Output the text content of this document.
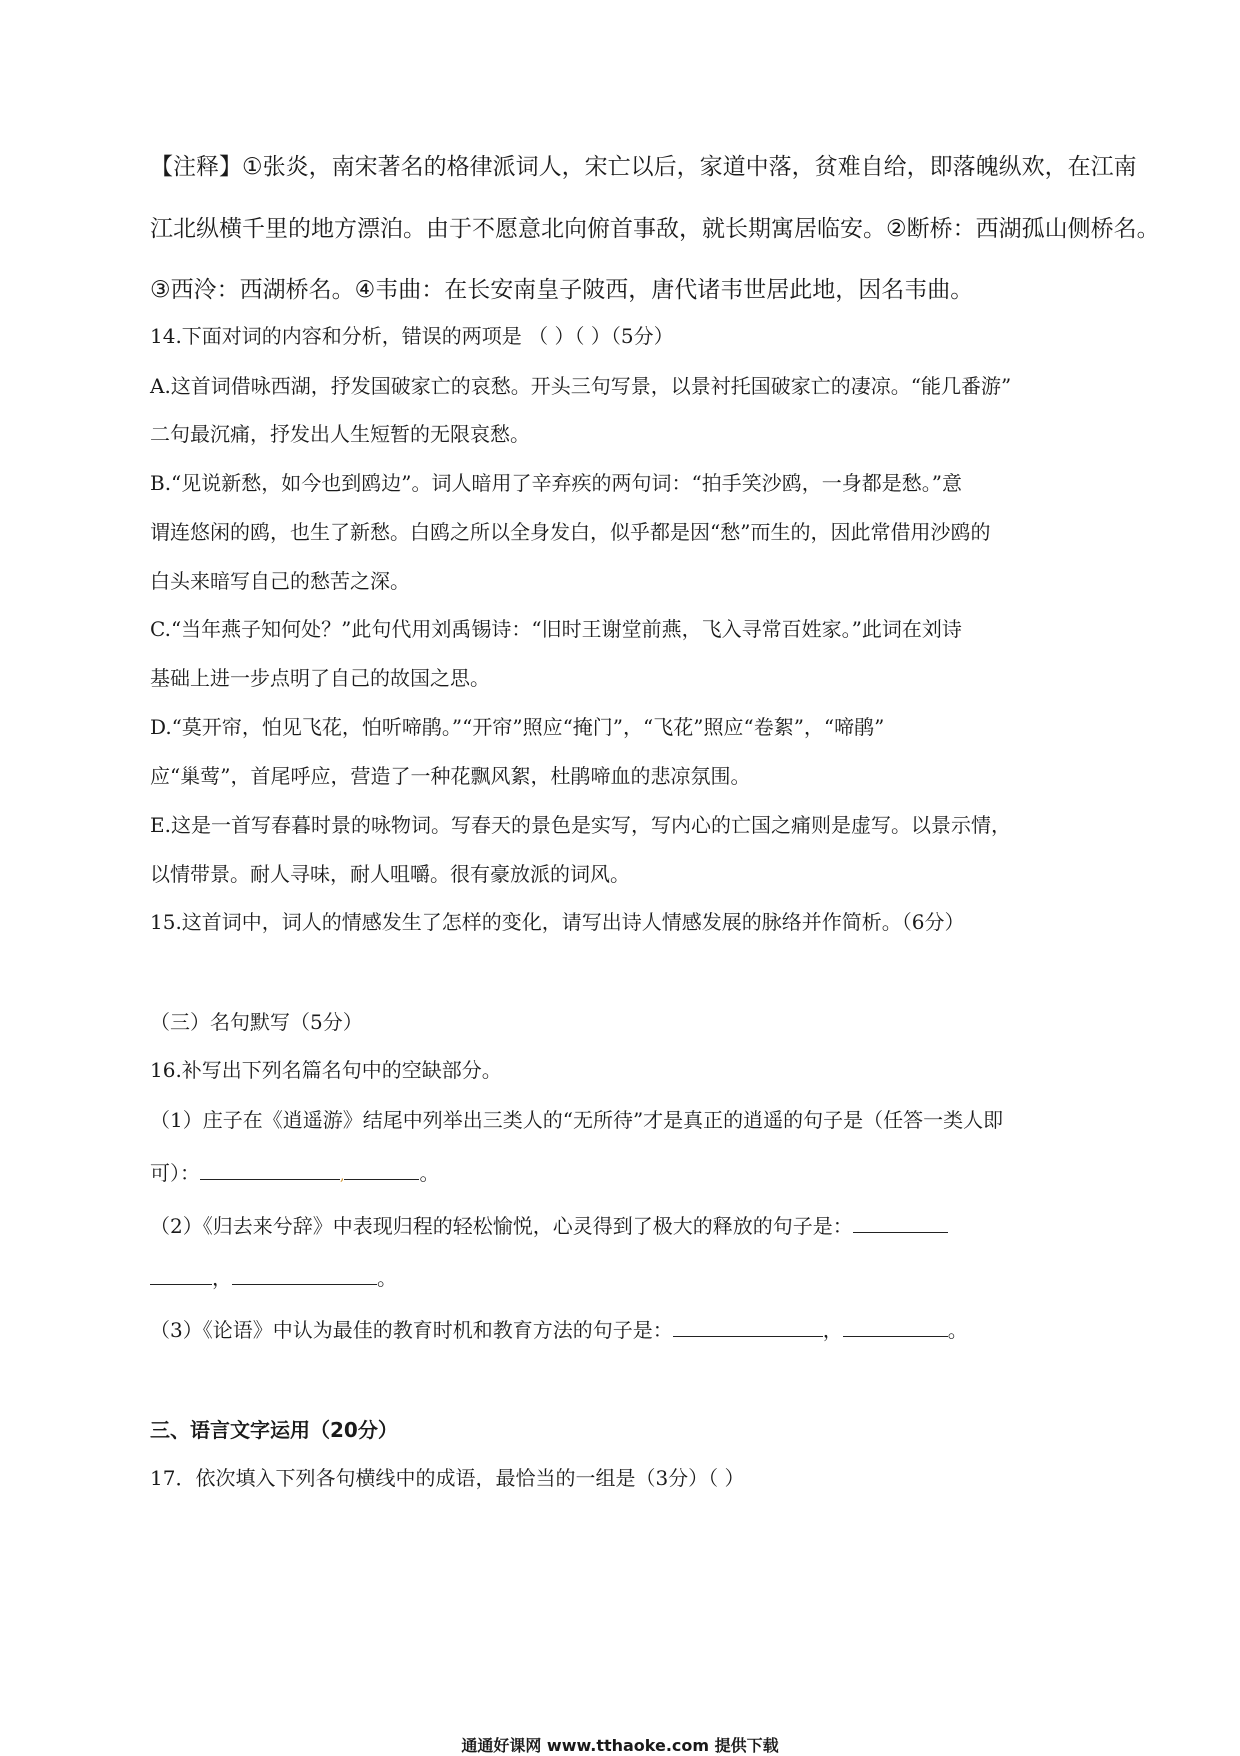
【注释】①张炎，南宋著名的格律派词人，宋亡以后，家道中落，贫难自给，即落魄纵欢，在江南
江北纵横千里的地方漂泊。由于不愿意北向俯首事敌，就长期寓居临安。②断桥：西湖孤山侧桥名。
③西泠：西湖桥名。④韦曲：在长安南皇子陂西，唐代诸韦世居此地，因名韦曲。
14.下面对词的内容和分析，错误的两项是 （ ）（ ）（5分）
A.这首词借咏西湖，抒发国破家亡的哀愁。开头三句写景，以景衬托国破家亡的凄凉。“能几番游”
二句最沉痛，抒发出人生短暂的无限哀愁。
B.“见说新愁，如今也到鸥边”。词人暗用了辛弃疾的两句词：“拍手笑沙鸥，一身都是愁。”意
谓连悠闲的鸥，也生了新愁。白鸥之所以全身发白，似乎都是因“愁”而生的，因此常借用沙鸥的
白头来暗写自己的愁苦之深。
C.“当年燕子知何处？”此句代用刘禹锡诗：“旧时王谢堂前燕，飞入寻常百姓家。”此词在刘诗
基础上进一步点明了自己的故国之思。
D.“莫开帘，怕见飞花，怕听啼鹃。”“开帘”照应“掩门”，“飞花”照应“卷絮”，“啼鹃”
应“巢莺”，首尾呼应，营造了一种花飘风絮，杜鹃啼血的悲凉氛围。
E.这是一首写春暮时景的咏物词。写春天的景色是实写，写内心的亡国之痛则是虚写。以景示情，
以情带景。耐人寻味，耐人咀嚼。很有豪放派的词风。
15.这首词中，词人的情感发生了怎样的变化，请写出诗人情感发展的脉络并作简析。（6分）
（三）名句默写（5分）
16.补写出下列名篇名句中的空缺部分。
（1）庄子在《逍遥游》结尾中列举出三类人的“无所待”才是真正的逍遥的句子是（任答一类人即
可）：	,	。
（2）《归去来兮辞》中表现归程的轻松愉悦，心灵得到了极大的释放的句子是：
，	。
（3）《论语》中认为最佳的教育时机和教育方法的句子是：	，	。
三、语言文字运用（20分）
17．依次填入下列各句横线中的成语，最恰当的一组是（3分）（ ）
通通好课网 www.tthaoke.com 提供下载
